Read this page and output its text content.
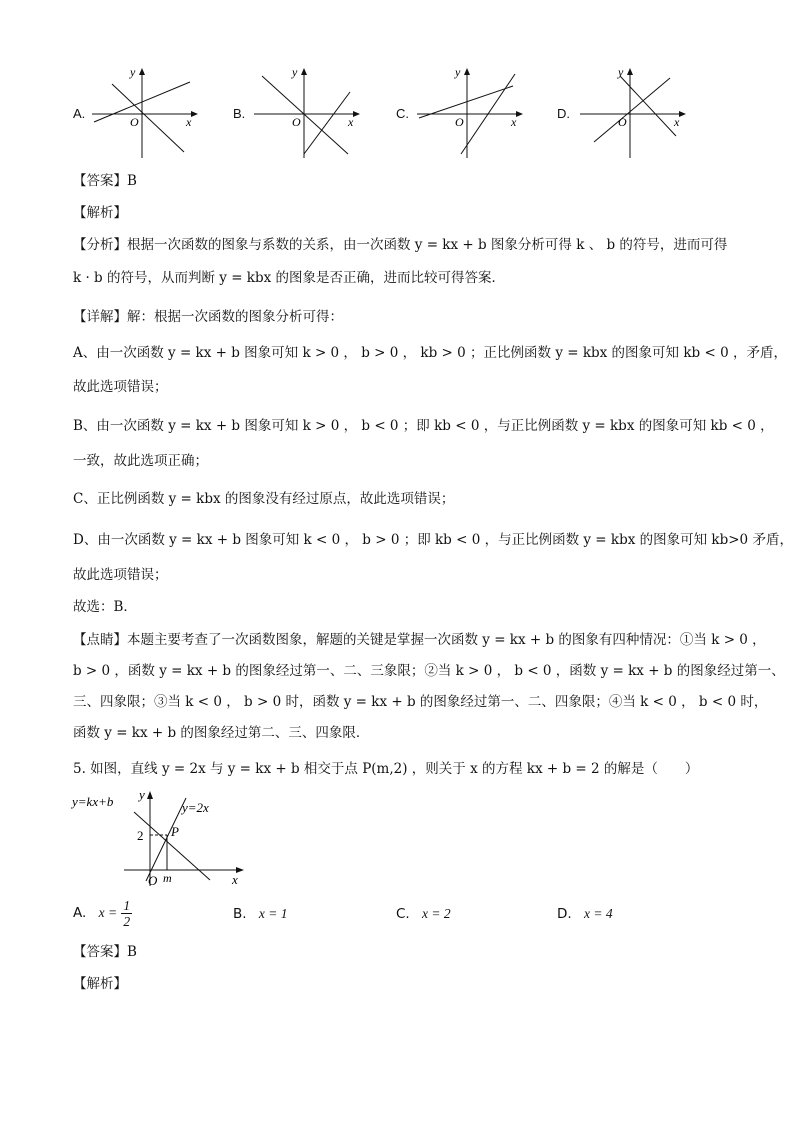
A.
O	x
y
B.
O	x
y
C.
O	x
y
D.
O	x
y
【答案】B
【解析】
【分析】根据一次函数的图象与系数的关系，由一次函数 y = kx + b 图象分析可得 k 、 b 的符号，进而可得
k · b 的符号，从而判断 y = kbx 的图象是否正确，进而比较可得答案．
【详解】解：根据一次函数的图象分析可得：
A、由一次函数 y = kx + b 图象可知 k > 0 ， b > 0 ， kb > 0 ；正比例函数 y = kbx 的图象可知 kb < 0 ，矛盾，
故此选项错误；
B、由一次函数 y = kx + b 图象可知 k > 0 ， b < 0 ；即 kb < 0 ，与正比例函数 y = kbx 的图象可知 kb < 0 ，
一致，故此选项正确；
C、正比例函数 y = kbx 的图象没有经过原点，故此选项错误；
D、由一次函数 y = kx + b 图象可知 k < 0 ， b > 0 ；即 kb < 0 ，与正比例函数 y = kbx 的图象可知 kb>0 矛盾，
故此选项错误；
故选：B．
【点睛】本题主要考查了一次函数图象，解题的关键是掌握一次函数 y = kx + b 的图象有四种情况：①当 k > 0 ，
b > 0 ，函数 y = kx + b 的图象经过第一、二、三象限；②当 k > 0 ， b < 0 ，函数 y = kx + b 的图象经过第一、
三、四象限；③当 k < 0 ， b > 0 时，函数 y = kx + b 的图象经过第一、二、四象限；④当 k < 0 ， b < 0 时，
函数 y = kx + b 的图象经过第二、三、四象限．
5. 如图，直线 y = 2x 与 y = kx + b 相交于点 P(m,2) ，则关于 x 的方程 kx + b = 2 的解是（　　）
y=kx+b	y=2x
P
2
m
O	x
y
A. $x = \frac{1}{2}$	B. x = 1	C. x = 2	D. x = 4
【答案】B
【解析】
